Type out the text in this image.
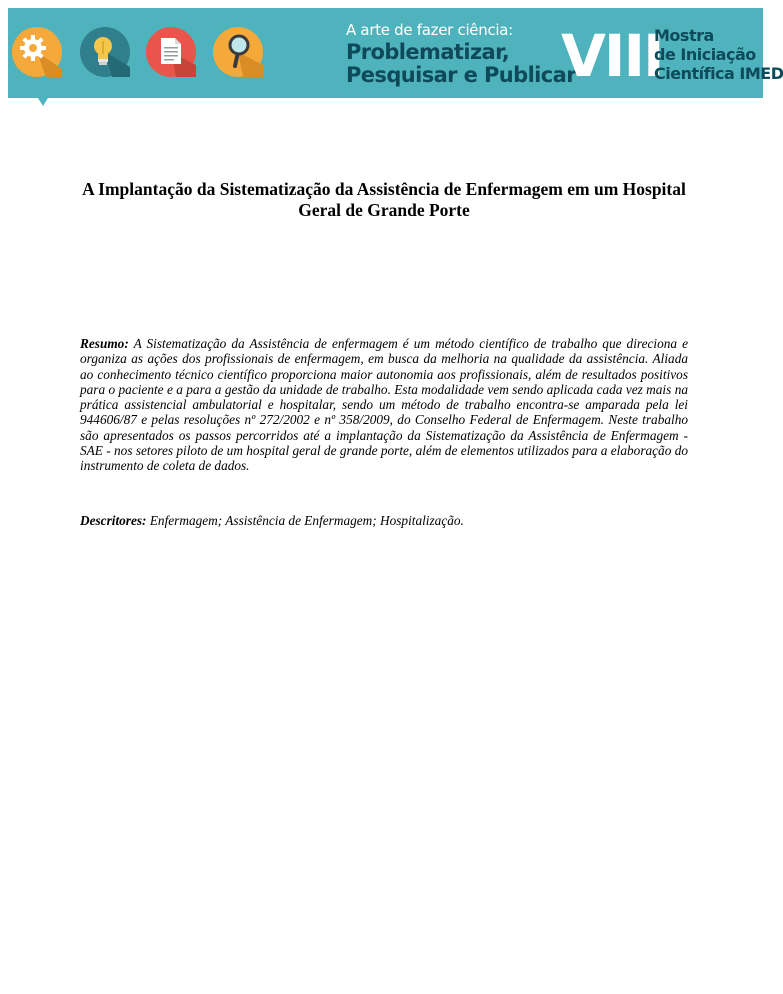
A arte de fazer ciência:
Problematizar,
Pesquisar e Publicar
VIII
Mostra
de Iniciação
Científica IMED
A Implantação da Sistematização da Assistência de Enfermagem em um Hospital Geral de Grande Porte
Resumo: A Sistematização da Assistência de enfermagem é um método científico de trabalho que direciona e organiza as ações dos profissionais de enfermagem, em busca da melhoria na qualidade da assistência. Aliada ao conhecimento técnico científico proporciona maior autonomia aos profissionais, além de resultados positivos para o paciente e a para a gestão da unidade de trabalho. Esta modalidade vem sendo aplicada cada vez mais na prática assistencial ambulatorial e hospitalar, sendo um método de trabalho encontra-se amparada pela lei 944606/87 e pelas resoluções nº 272/2002 e nº 358/2009, do Conselho Federal de Enfermagem. Neste trabalho são apresentados os passos percorridos até a implantação da Sistematização da Assistência de Enfermagem - SAE - nos setores piloto de um hospital geral de grande porte, além de elementos utilizados para a elaboração do instrumento de coleta de dados.
Descritores: Enfermagem; Assistência de Enfermagem; Hospitalização.
